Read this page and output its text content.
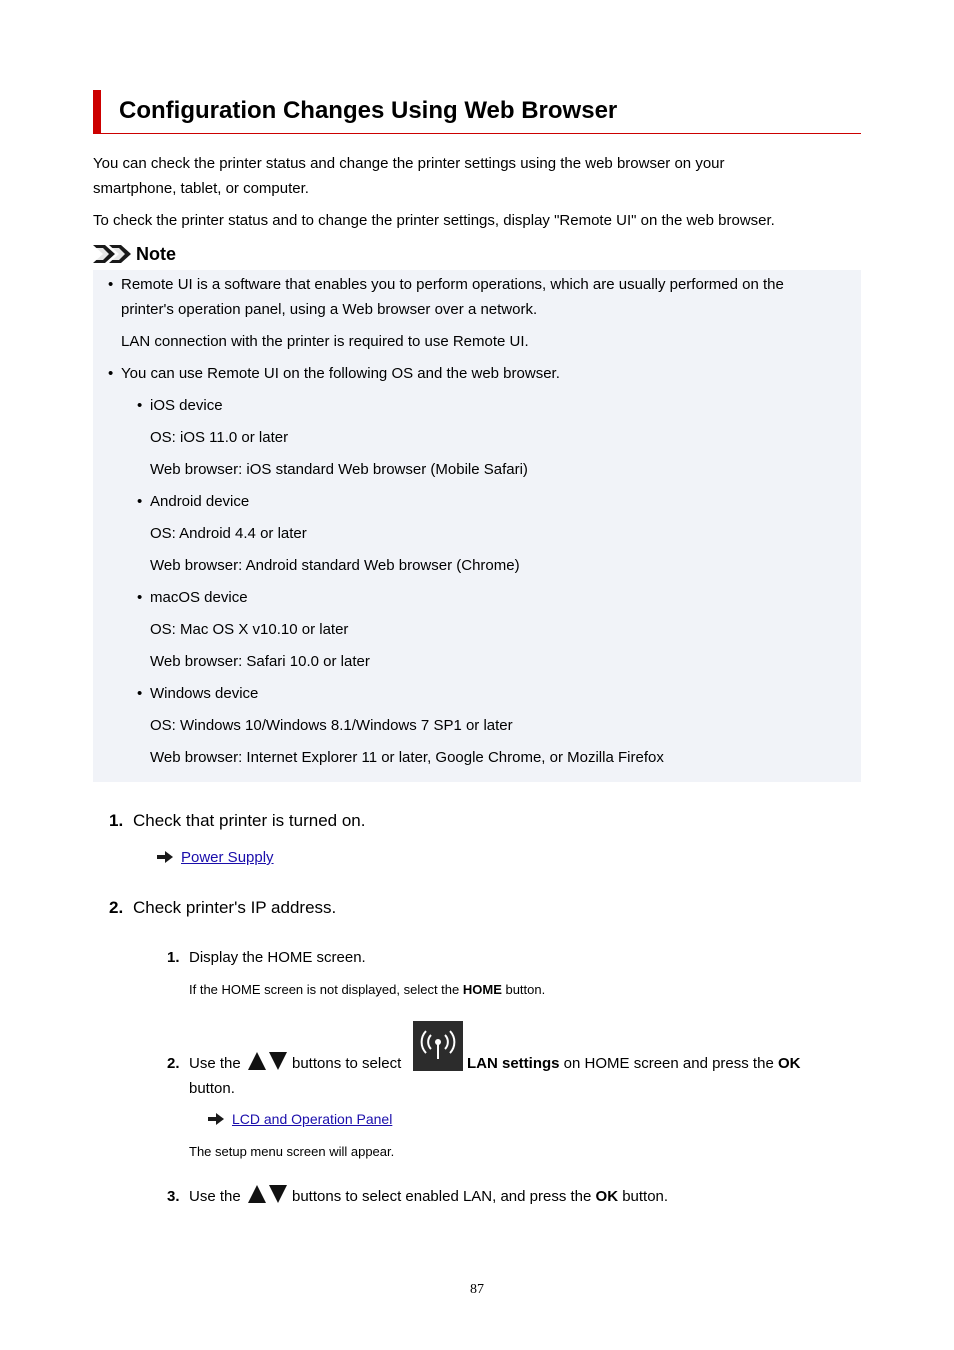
Configuration Changes Using Web Browser
You can check the printer status and change the printer settings using the web browser on your
smartphone, tablet, or computer.
To check the printer status and to change the printer settings, display "Remote UI" on the web browser.
Note
• Remote UI is a software that enables you to perform operations, which are usually performed on the
printer's operation panel, using a Web browser over a network.
LAN connection with the printer is required to use Remote UI.
• You can use Remote UI on the following OS and the web browser.
• iOS device
OS: iOS 11.0 or later
Web browser: iOS standard Web browser (Mobile Safari)
• Android device
OS: Android 4.4 or later
Web browser: Android standard Web browser (Chrome)
• macOS device
OS: Mac OS X v10.10 or later
Web browser: Safari 10.0 or later
• Windows device
OS: Windows 10/Windows 8.1/Windows 7 SP1 or later
Web browser: Internet Explorer 11 or later, Google Chrome, or Mozilla Firefox
1. Check that printer is turned on.
Power Supply
2. Check printer's IP address.
1. Display the HOME screen.
If the HOME screen is not displayed, select the HOME button.
2. Use the	buttons to select	LAN settings on HOME screen and press the OK
button.
LCD and Operation Panel
The setup menu screen will appear.
3. Use the	buttons to select enabled LAN, and press the OK button.
87
